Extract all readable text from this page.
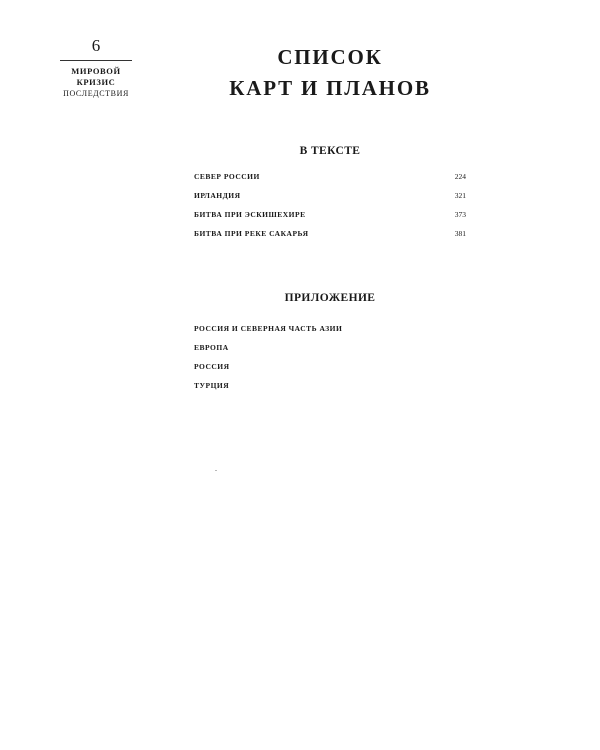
6
МИРОВОЙ
КРИЗИС
ПОСЛЕДСТВИЯ
СПИСОК
КАРТ И ПЛАНОВ
В ТЕКСТЕ
СЕВЕР РОССИИ	224
ИРЛАНДИЯ	321
БИТВА ПРИ ЭСКИШЕХИРЕ	373
БИТВА ПРИ РЕКЕ САКАРЬЯ	381
ПРИЛОЖЕНИЕ
РОССИЯ И СЕВЕРНАЯ ЧАСТЬ АЗИИ
ЕВРОПА
РОССИЯ
ТУРЦИЯ
